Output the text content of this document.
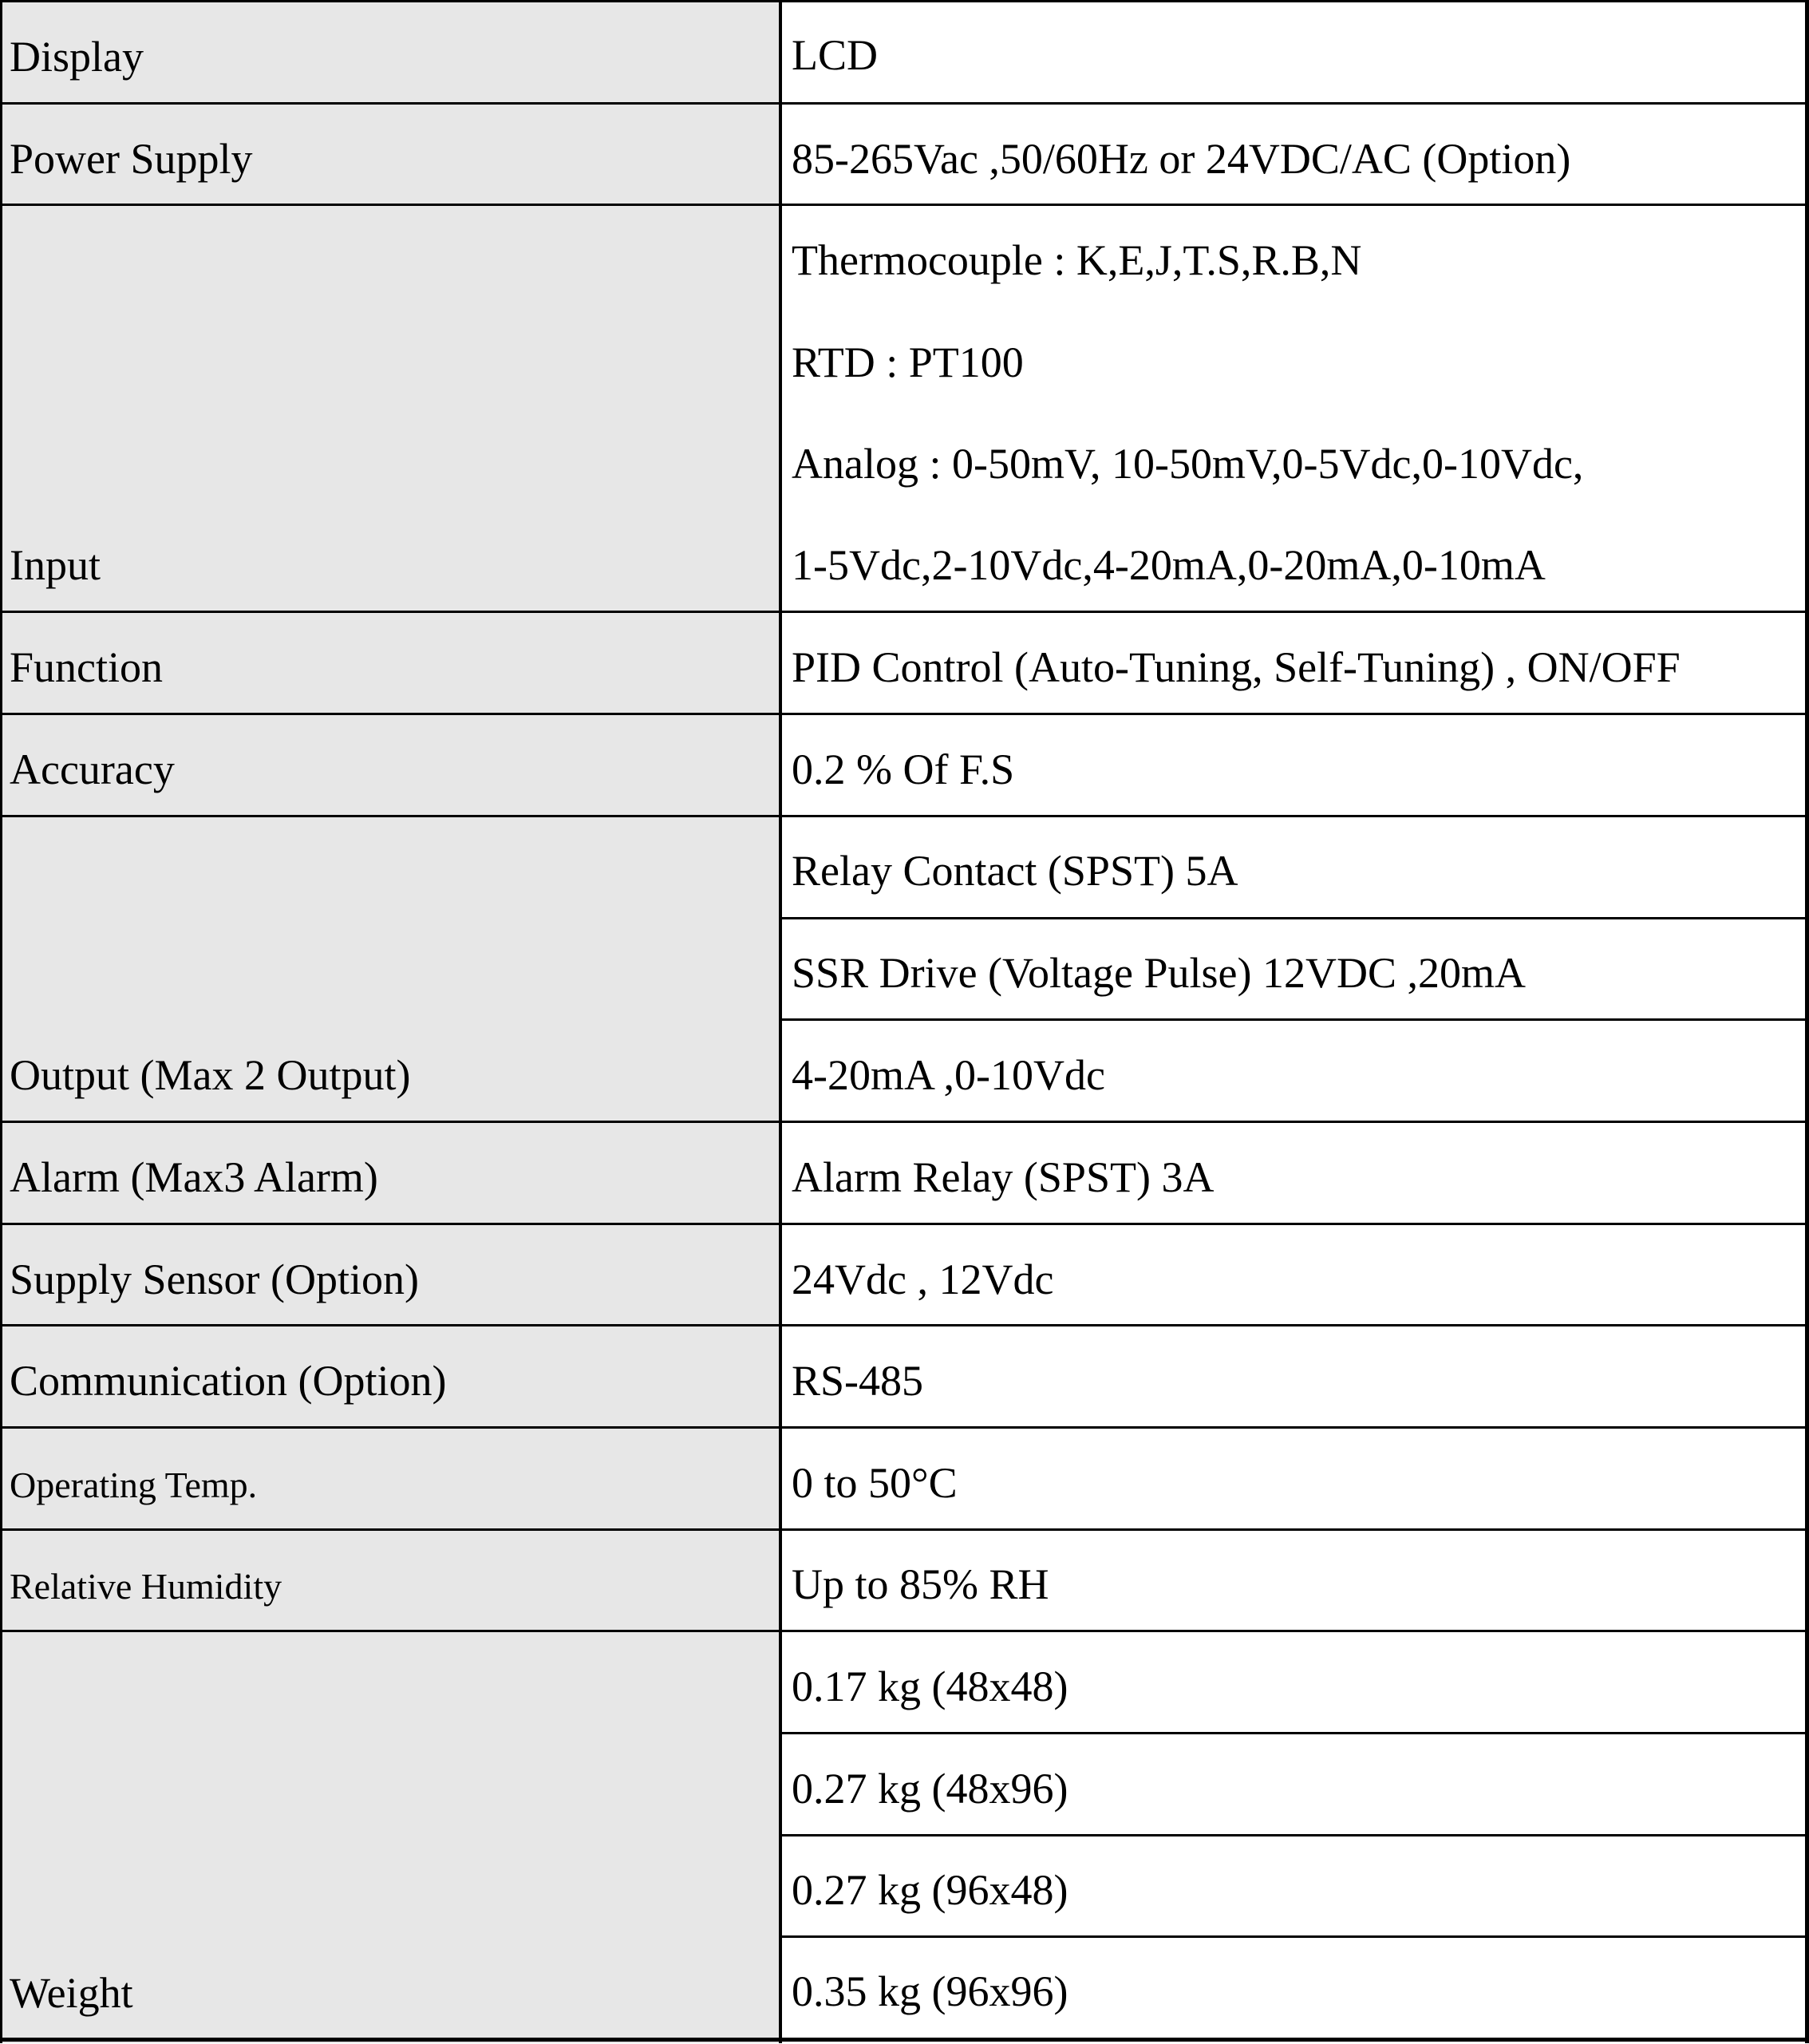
Display
Power Supply
Input
Function
Accuracy
Output (Max 2 Output)
Alarm (Max3 Alarm)
Supply Sensor (Option)
Communication (Option)
Operating Temp.
Relative Humidity
Weight
LCD
85-265Vac ,50/60Hz or 24VDC/AC (Option)
Thermocouple : K,E,J,T.S,R.B,N
RTD : PT100
Analog : 0-50mV, 10-50mV,0-5Vdc,0-10Vdc,
1-5Vdc,2-10Vdc,4-20mA,0-20mA,0-10mA
PID Control (Auto-Tuning, Self-Tuning) , ON/OFF
0.2 % Of F.S
Relay Contact (SPST) 5A
SSR Drive (Voltage Pulse) 12VDC ,20mA
4-20mA ,0-10Vdc
Alarm Relay (SPST) 3A
24Vdc , 12Vdc
RS-485
0 to 50°C
Up to 85% RH
0.17 kg (48x48)
0.27 kg (48x96)
0.27 kg (96x48)
0.35 kg (96x96)
